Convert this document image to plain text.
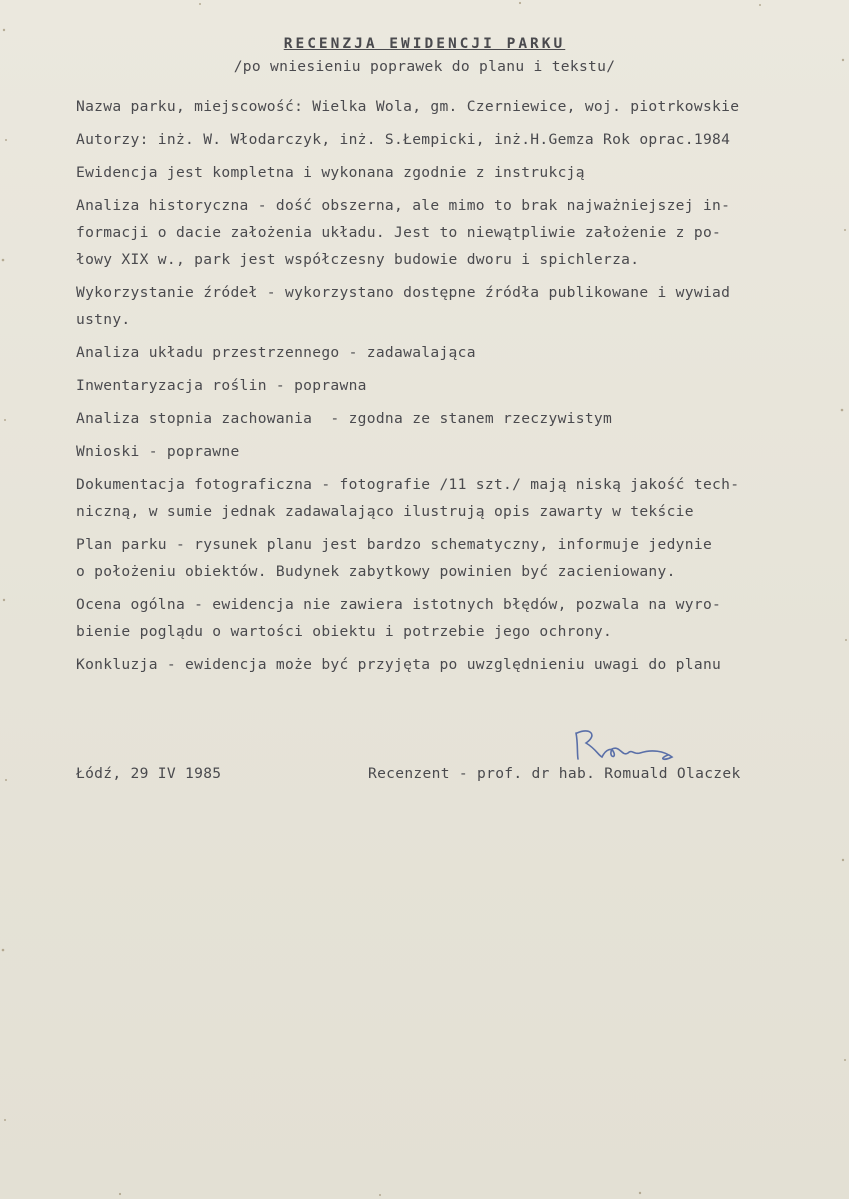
RECENZJA EWIDENCJI PARKU
/po wniesieniu poprawek do planu i tekstu/
Nazwa parku, miejscowość: Wielka Wola, gm. Czerniewice, woj. piotrkowskie
Autorzy: inż. W. Włodarczyk, inż. S.Łempicki, inż.H.Gemza Rok oprac.1984
Ewidencja jest kompletna i wykonana zgodnie z instrukcją
Analiza historyczna - dość obszerna, ale mimo to brak najważniejszej in-
formacji o dacie założenia układu. Jest to niewątpliwie założenie z po-
łowy XIX w., park jest współczesny budowie dworu i spichlerza.
Wykorzystanie źródeł - wykorzystano dostępne źródła publikowane i wywiad
ustny.
Analiza układu przestrzennego - zadawalająca
Inwentaryzacja roślin - poprawna
Analiza stopnia zachowania  - zgodna ze stanem rzeczywistym
Wnioski - poprawne
Dokumentacja fotograficzna - fotografie /11 szt./ mają niską jakość tech-
niczną, w sumie jednak zadawalająco ilustrują opis zawarty w tekście
Plan parku - rysunek planu jest bardzo schematyczny, informuje jedynie
o położeniu obiektów. Budynek zabytkowy powinien być zacieniowany.
Ocena ogólna - ewidencja nie zawiera istotnych błędów, pozwala na wyro-
bienie poglądu o wartości obiektu i potrzebie jego ochrony.
Konkluzja - ewidencja może być przyjęta po uwzględnieniu uwagi do planu
Łódź, 29 IV 1985	Recenzent - prof. dr hab. Romuald Olaczek
